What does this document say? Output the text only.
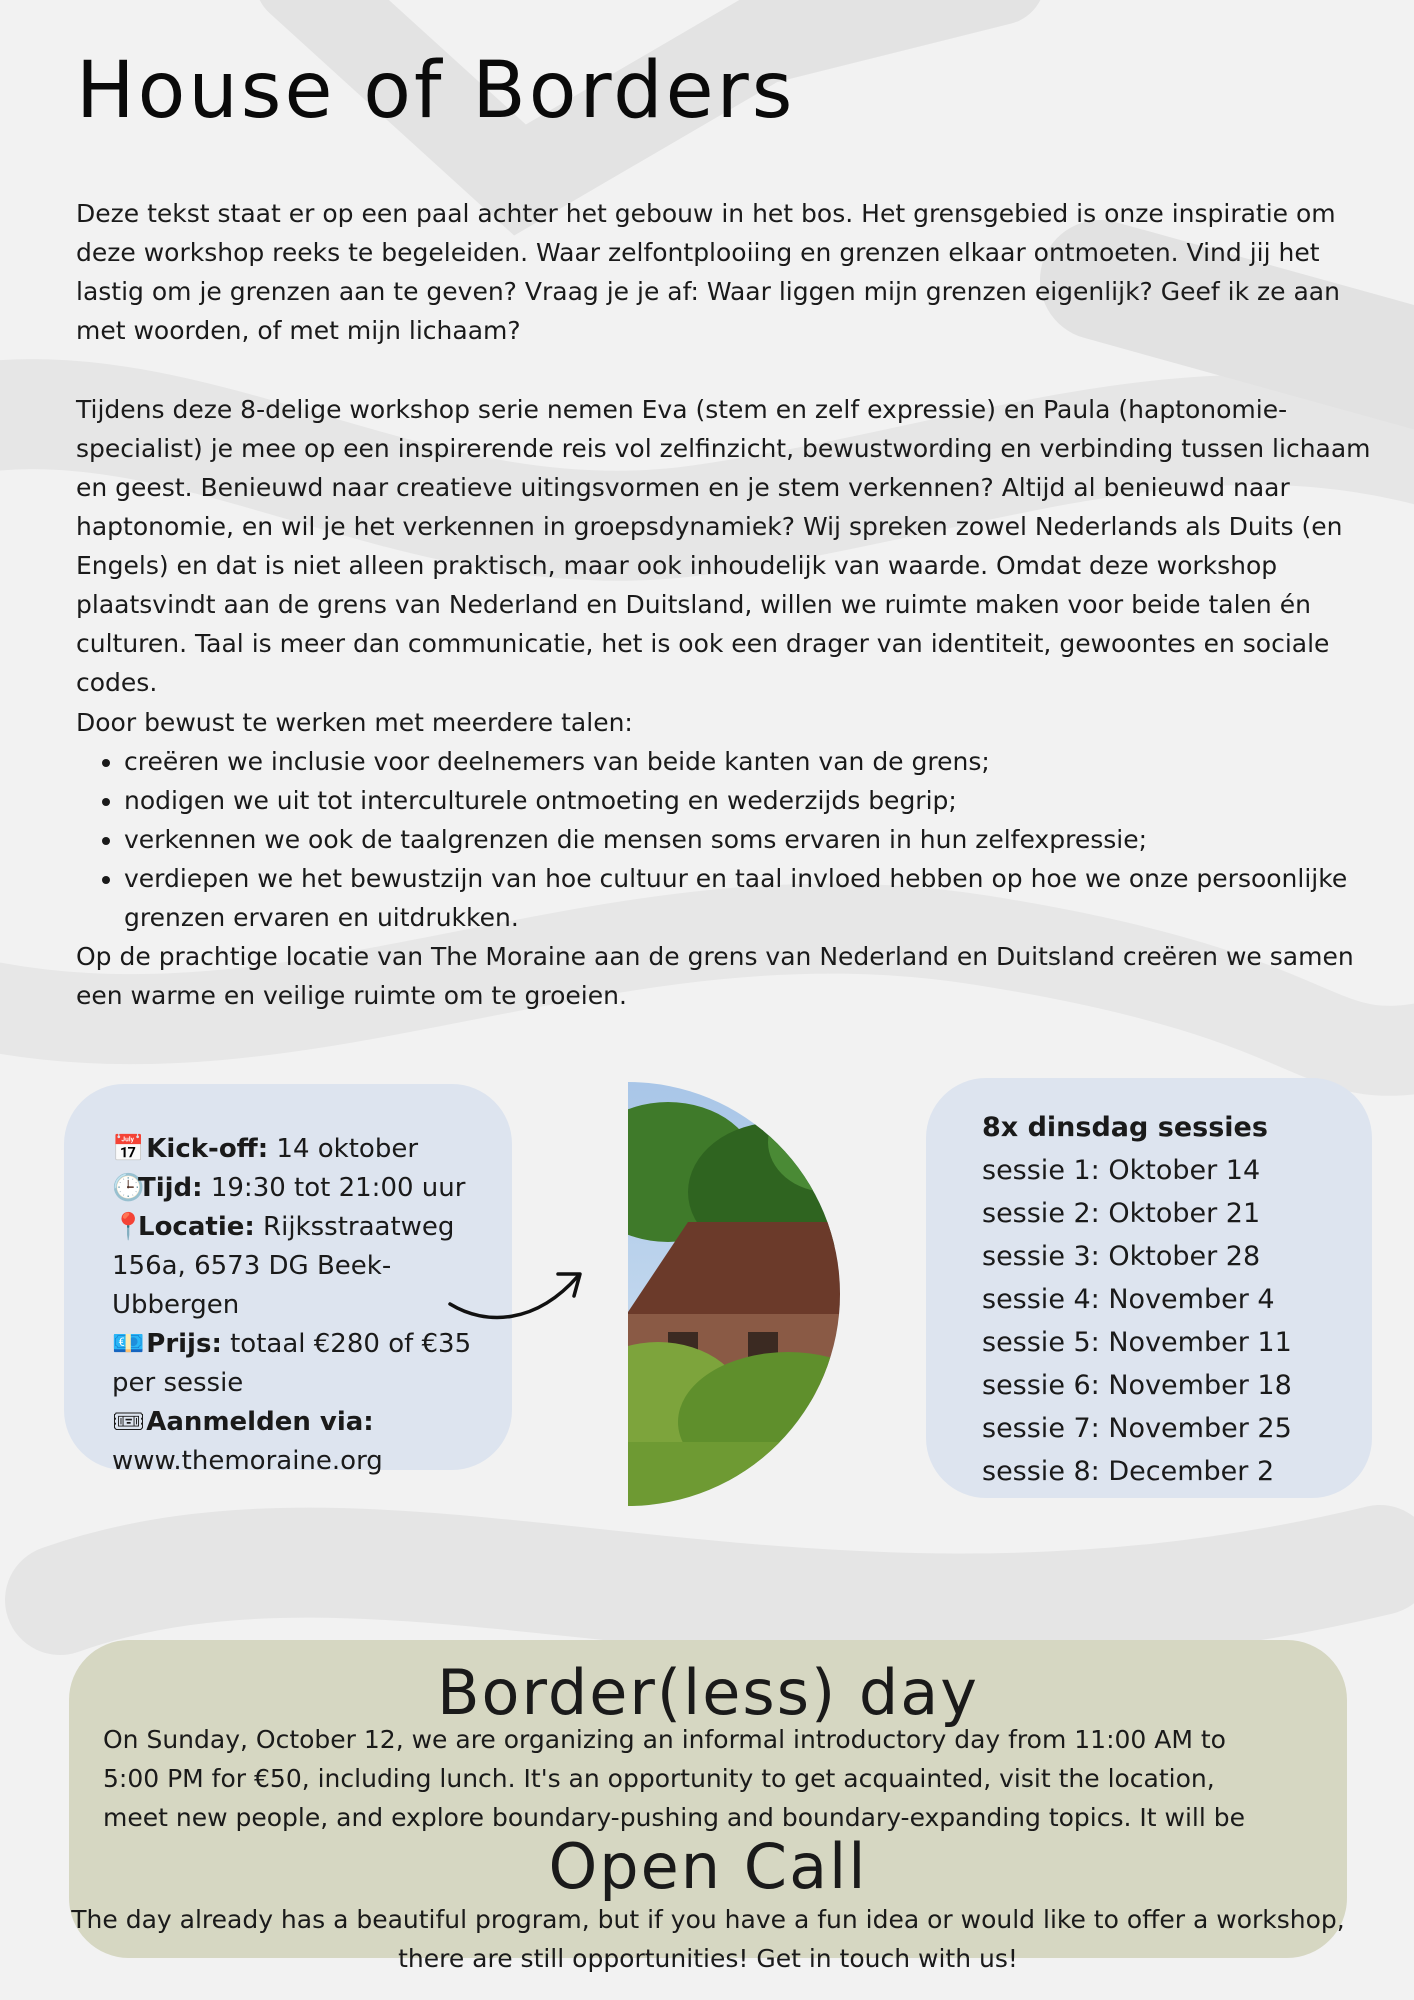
House of Borders

Deze tekst staat er op een paal achter het gebouw in het bos. Het grensgebied is onze inspiratie om deze workshop reeks te begeleiden. Waar zelfontplooiing en grenzen elkaar ontmoeten. Vind jij het lastig om je grenzen aan te geven? Vraag je je af: Waar liggen mijn grenzen eigenlijk? Geef ik ze aan met woorden, of met mijn lichaam?

Tijdens deze 8-delige workshop serie nemen Eva (stem en zelf expressie) en Paula (haptonomie-specialist) je mee op een inspirerende reis vol zelfinzicht, bewustwording en verbinding tussen lichaam en geest. Benieuwd naar creatieve uitingsvormen en je stem verkennen? Altijd al benieuwd naar haptonomie, en wil je het verkennen in groepsdynamiek? Wij spreken zowel Nederlands als Duits (en Engels) en dat is niet alleen praktisch, maar ook inhoudelijk van waarde. Omdat deze workshop plaatsvindt aan de grens van Nederland en Duitsland, willen we ruimte maken voor beide talen én culturen. Taal is meer dan communicatie, het is ook een drager van identiteit, gewoontes en sociale codes.

Door bewust te werken met meerdere talen:

• creëren we inclusie voor deelnemers van beide kanten van de grens;
• nodigen we uit tot interculturele ontmoeting en wederzijds begrip;
• verkennen we ook de taalgrenzen die mensen soms ervaren in hun zelfexpressie;
• verdiepen we het bewustzijn van hoe cultuur en taal invloed hebben op hoe we onze persoonlijke grenzen ervaren en uitdrukken.

Op de prachtige locatie van The Moraine aan de grens van Nederland en Duitsland creëren we samen een warme en veilige ruimte om te groeien.

📅 Kick-off: 14 oktober
🕒Tijd: 19:30 tot 21:00 uur
📍Locatie: Rijksstraatweg 156a, 6573 DG Beek-Ubbergen
💶 Prijs: totaal €280 of €35 per sessie
🎟 Aanmelden via:
www.themoraine.org
8x dinsdag sessies
sessie 1: Oktober 14
sessie 2: Oktober 21
sessie 3: Oktober 28
sessie 4: November 4
sessie 5: November 11
sessie 6: November 18
sessie 7: November 25
sessie 8: December 2
Border(less) day

On Sunday, October 12, we are organizing an informal introductory day from 11:00 AM to 5:00 PM for €50, including lunch. It's an opportunity to get acquainted, visit the location, meet new people, and explore boundary-pushing and boundary-expanding topics. It will be

Open Call

The day already has a beautiful program, but if you have a fun idea or would like to offer a workshop, there are still opportunities! Get in touch with us!
